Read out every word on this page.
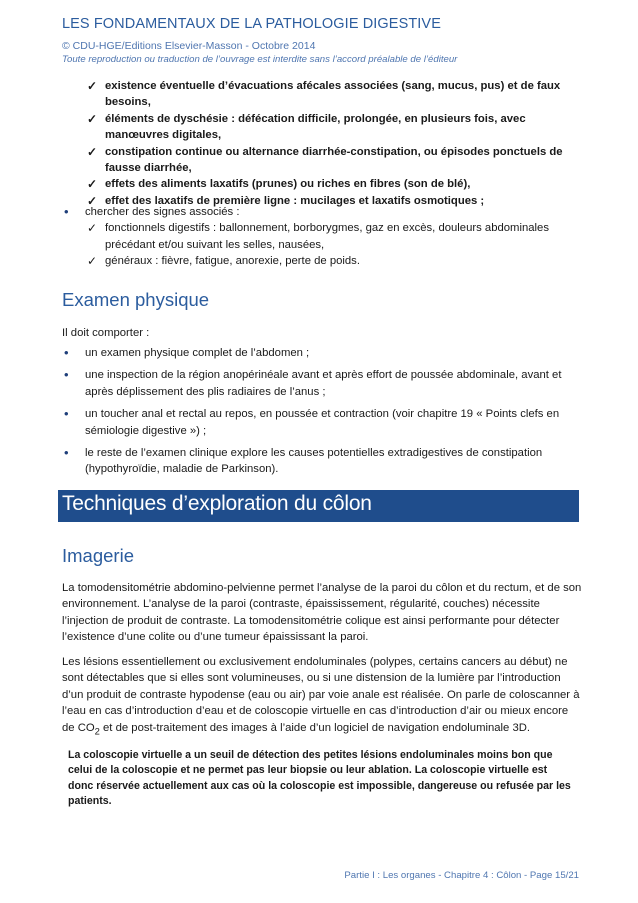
LES FONDAMENTAUX DE LA PATHOLOGIE DIGESTIVE
© CDU-HGE/Editions Elsevier-Masson - Octobre 2014
Toute reproduction ou traduction de l’ouvrage est interdite sans l’accord préalable de l’éditeur
✓ existence éventuelle d’évacuations afécales associées (sang, mucus, pus) et de faux besoins,
✓ éléments de dyschésie : défécation difficile, prolongée, en plusieurs fois, avec manœuvres digitales,
✓ constipation continue ou alternance diarrhée-constipation, ou épisodes ponctuels de fausse diarrhée,
✓ effets des aliments laxatifs (prunes) ou riches en fibres (son de blé),
✓ effet des laxatifs de première ligne : mucilages et laxatifs osmotiques ;
• chercher des signes associés :
✓ fonctionnels digestifs : ballonnement, borborygmes, gaz en excès, douleurs abdominales précédant et/ou suivant les selles, nausées,
✓ généraux : fièvre, fatigue, anorexie, perte de poids.
Examen physique
Il doit comporter :
• un examen physique complet de l’abdomen ;
• une inspection de la région anopérinéale avant et après effort de poussée abdominale, avant et après déplissement des plis radiaires de l’anus ;
• un toucher anal et rectal au repos, en poussée et contraction (voir chapitre 19 « Points clefs en sémiologie digestive ») ;
• le reste de l’examen clinique explore les causes potentielles extradigestives de constipation (hypothyroïdie, maladie de Parkinson).
Techniques d’exploration du côlon
Imagerie
La tomodensitométrie abdomino-pelvienne permet l’analyse de la paroi du côlon et du rectum, et de son environnement. L’analyse de la paroi (contraste, épaississement, régularité, couches) nécessite l’injection de produit de contraste. La tomodensitométrie colique est ainsi performante pour détecter l’existence d’une colite ou d’une tumeur épaississant la paroi.
Les lésions essentiellement ou exclusivement endoluminales (polypes, certains cancers au début) ne sont détectables que si elles sont volumineuses, ou si une distension de la lumière par l’introduction d’un produit de contraste hypodense (eau ou air) par voie anale est réalisée. On parle de coloscanner à l’eau en cas d’introduction d’eau et de coloscopie virtuelle en cas d’introduction d’air ou mieux encore de $CO_2$ et de post-traitement des images à l’aide d’un logiciel de navigation endoluminale 3D.
La coloscopie virtuelle a un seuil de détection des petites lésions endoluminales moins bon que celui de la coloscopie et ne permet pas leur biopsie ou leur ablation. La coloscopie virtuelle est donc réservée actuellement aux cas où la coloscopie est impossible, dangereuse ou refusée par les patients.
Partie I : Les organes - Chapitre 4 : Côlon - Page 15/21
